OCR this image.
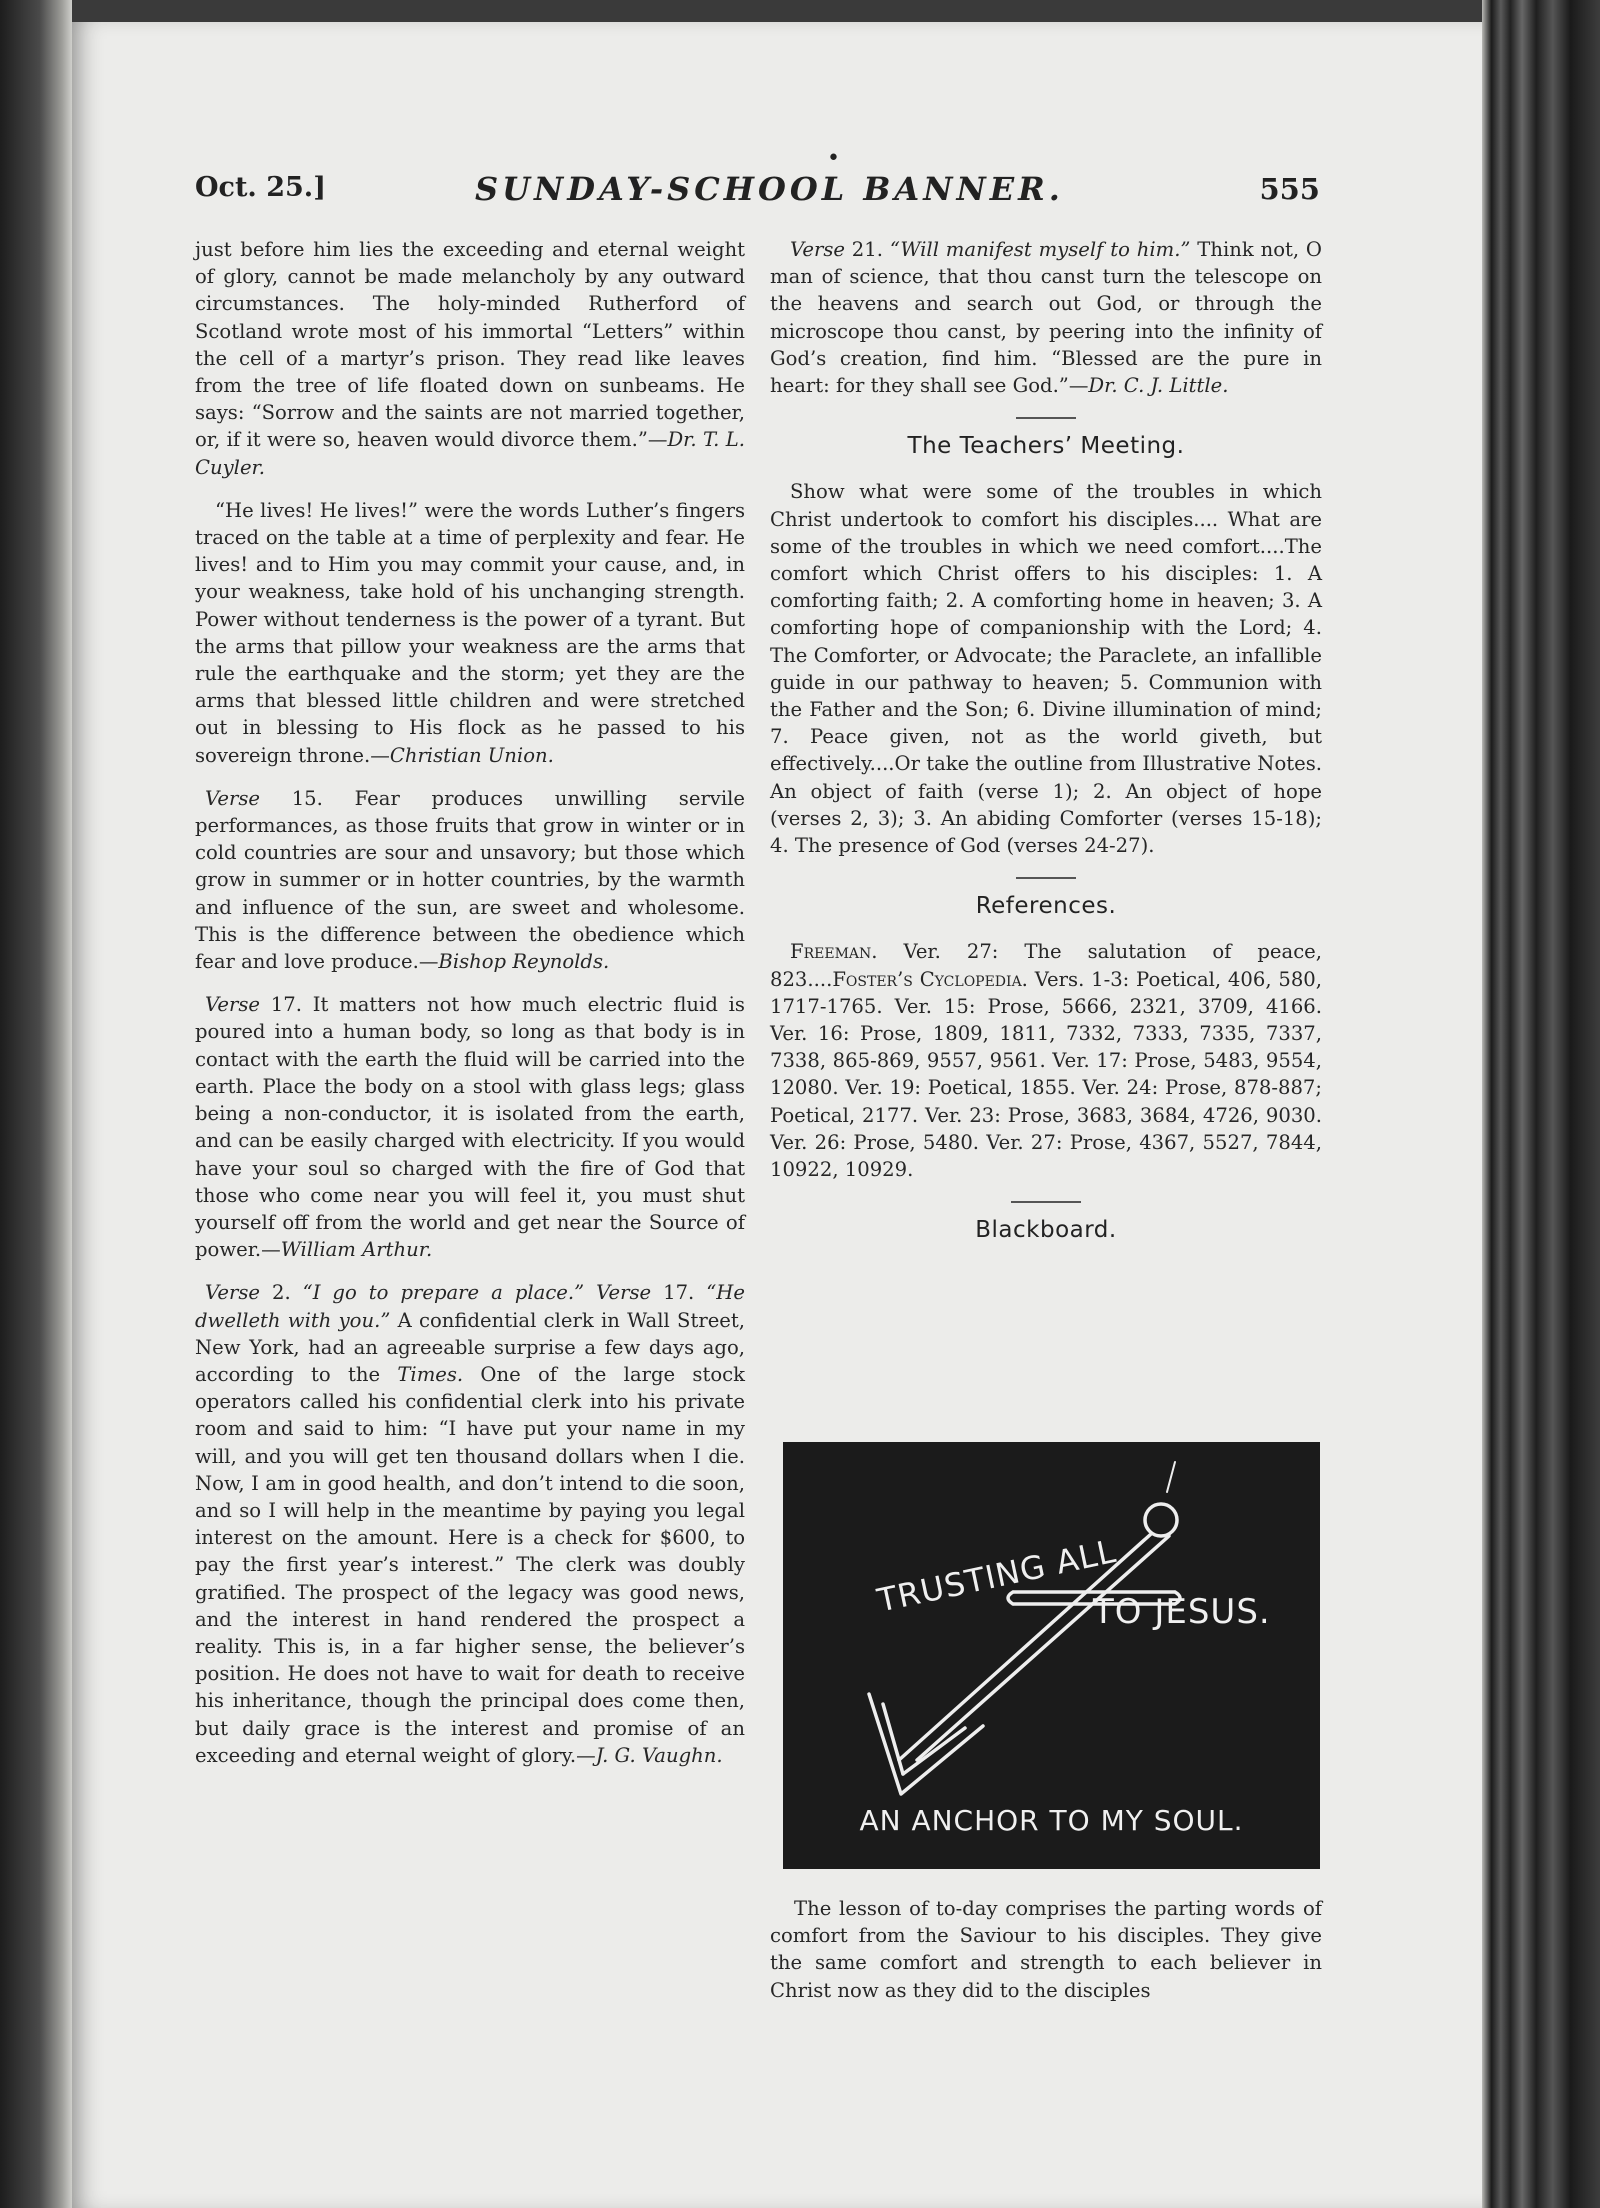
•
Oct. 25.]	SUNDAY-SCHOOL BANNER.	555

just before him lies the exceeding and eternal weight of glory, cannot be made melancholy by any outward circumstances. The holy-minded Rutherford of Scotland wrote most of his immortal “Letters” within the cell of a martyr’s prison. They read like leaves from the tree of life floated down on sunbeams. He says: “Sorrow and the saints are not married together, or, if it were so, heaven would divorce them.”—Dr. T. L. Cuyler.

“He lives! He lives!” were the words Luther’s fingers traced on the table at a time of perplexity and fear. He lives! and to Him you may commit your cause, and, in your weakness, take hold of his unchanging strength. Power without tenderness is the power of a tyrant. But the arms that pillow your weakness are the arms that rule the earthquake and the storm; yet they are the arms that blessed little children and were stretched out in blessing to His flock as he passed to his sovereign throne.—Christian Union.

Verse 15. Fear produces unwilling servile performances, as those fruits that grow in winter or in cold countries are sour and unsavory; but those which grow in summer or in hotter countries, by the warmth and influence of the sun, are sweet and wholesome. This is the difference between the obedience which fear and love produce.—Bishop Reynolds.

Verse 17. It matters not how much electric fluid is poured into a human body, so long as that body is in contact with the earth the fluid will be carried into the earth. Place the body on a stool with glass legs; glass being a non-conductor, it is isolated from the earth, and can be easily charged with electricity. If you would have your soul so charged with the fire of God that those who come near you will feel it, you must shut yourself off from the world and get near the Source of power.—William Arthur.

Verse 2. “I go to prepare a place.” Verse 17. “He dwelleth with you.” A confidential clerk in Wall Street, New York, had an agreeable surprise a few days ago, according to the Times. One of the large stock operators called his confidential clerk into his private room and said to him: “I have put your name in my will, and you will get ten thousand dollars when I die. Now, I am in good health, and don’t intend to die soon, and so I will help in the meantime by paying you legal interest on the amount. Here is a check for $600, to pay the first year’s interest.” The clerk was doubly gratified. The prospect of the legacy was good news, and the interest in hand rendered the prospect a reality. This is, in a far higher sense, the believer’s position. He does not have to wait for death to receive his inheritance, though the principal does come then, but daily grace is the interest and promise of an exceeding and eternal weight of glory.—J. G. Vaughn.

Verse 21. “Will manifest myself to him.” Think not, O man of science, that thou canst turn the telescope on the heavens and search out God, or through the microscope thou canst, by peering into the infinity of God’s creation, find him. “Blessed are the pure in heart: for they shall see God.”—Dr. C. J. Little.

The Teachers’ Meeting.

Show what were some of the troubles in which Christ undertook to comfort his disciples.... What are some of the troubles in which we need comfort....The comfort which Christ offers to his disciples: 1. A comforting faith; 2. A comforting home in heaven; 3. A comforting hope of companionship with the Lord; 4. The Comforter, or Advocate; the Paraclete, an infallible guide in our pathway to heaven; 5. Communion with the Father and the Son; 6. Divine illumination of mind; 7. Peace given, not as the world giveth, but effectively....Or take the outline from Illustrative Notes. An object of faith (verse 1); 2. An object of hope (verses 2, 3); 3. An abiding Comforter (verses 15-18); 4. The presence of God (verses 24-27).

References.

Freeman. Ver. 27: The salutation of peace, 823....Foster’s Cyclopedia. Vers. 1-3: Poetical, 406, 580, 1717-1765. Ver. 15: Prose, 5666, 2321, 3709, 4166. Ver. 16: Prose, 1809, 1811, 7332, 7333, 7335, 7337, 7338, 865-869, 9557, 9561. Ver. 17: Prose, 5483, 9554, 12080. Ver. 19: Poetical, 1855. Ver. 24: Prose, 878-887; Poetical, 2177. Ver. 23: Prose, 3683, 3684, 4726, 9030. Ver. 26: Prose, 5480. Ver. 27: Prose, 4367, 5527, 7844, 10922, 10929.

Blackboard.
TRUSTING ALL
TO JESUS.
AN ANCHOR TO MY SOUL.

The lesson of to-day comprises the parting words of comfort from the Saviour to his disciples. They give the same comfort and strength to each believer in Christ now as they did to the disciples
